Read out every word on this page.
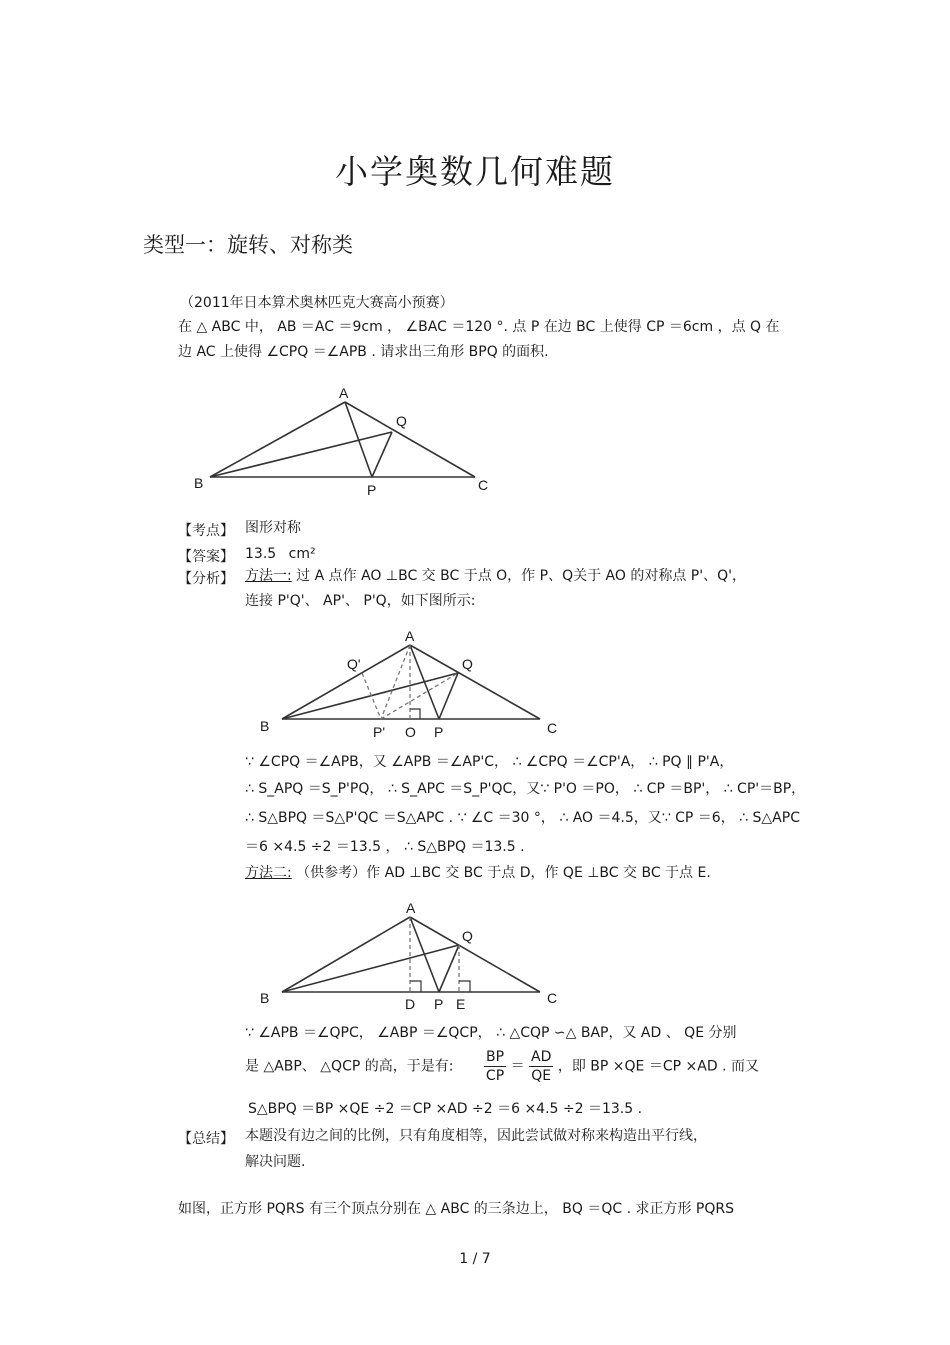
小学奥数几何难题
类型一：旋转、对称类
（2011年日本算术奥林匹克大赛高小预赛）
在 △ ABC 中， AB ＝AC ＝9cm ， ∠BAC ＝120 °. 点 P 在边 BC 上使得 CP ＝6cm ，点 Q 在
边 AC 上使得 ∠CPQ ＝∠APB . 请求出三角形 BPQ 的面积.
A
Q
B	C
P
【考点】 图形对称
【答案】 13.5 cm²
【分析】 方法一: 过 A 点作 AO ⊥BC 交 BC 于点 O，作 P、Q关于 AO 的对称点 P'、Q'，
连接 P'Q'、 AP'、 P'Q，如下图所示:
A
Q'	Q
B	C
P' O P
∵ ∠CPQ ＝∠APB，又 ∠APB ＝∠AP'C， ∴ ∠CPQ ＝∠CP'A， ∴ PQ ∥ P'A，
∴ S_APQ ＝S_P'PQ， ∴ S_APC ＝S_P'QC，又∵ P'O ＝PO， ∴ CP ＝BP'， ∴ CP'＝BP，
∴ S△BPQ ＝S△P'QC ＝S△APC . ∵ ∠C ＝30 °， ∴ AO ＝4.5，又∵ CP ＝6， ∴ S△APC
＝6 ×4.5 ÷2 ＝13.5 ， ∴ S△BPQ ＝13.5 .
方法二: （供参考）作 AD ⊥BC 交 BC 于点 D，作 QE ⊥BC 交 BC 于点 E.
A
Q
B	C
D P E
∵ ∠APB ＝∠QPC， ∠ABP ＝∠QCP， ∴ △CQP ∽△ BAP，又 AD 、 QE 分别
是 △ABP、 △QCP 的高，于是有: $\frac{BP}{CP} = \frac{AD}{QE}$ ，即 BP ×QE ＝CP ×AD . 而又
S△BPQ ＝BP ×QE ÷2 ＝CP ×AD ÷2 ＝6 ×4.5 ÷2 ＝13.5 .
【总结】 本题没有边之间的比例，只有角度相等，因此尝试做对称来构造出平行线，
解决问题.
如图，正方形 PQRS 有三个顶点分别在 △ ABC 的三条边上， BQ ＝QC . 求正方形 PQRS
1 / 7
